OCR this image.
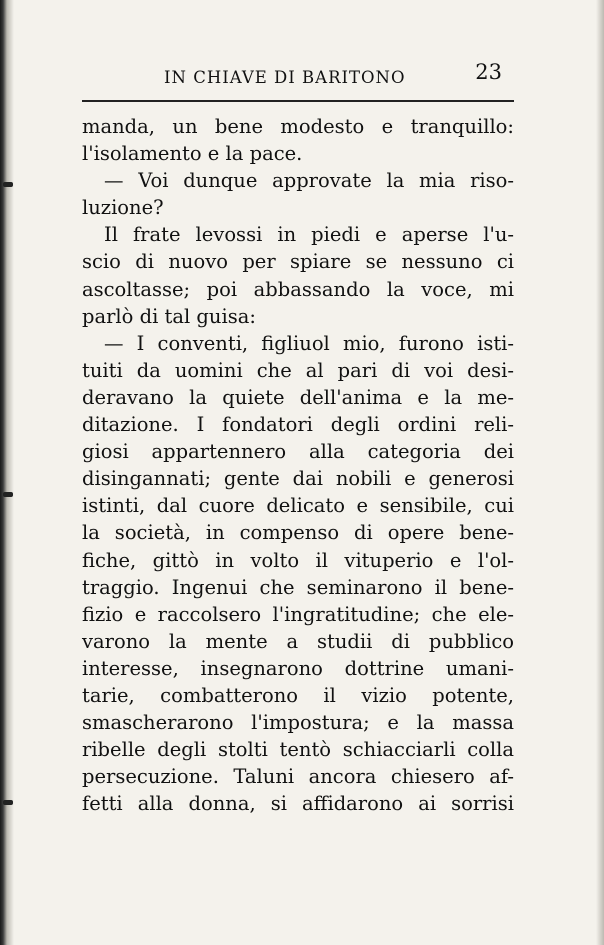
IN CHIAVE DI BARITONO	23
manda, un bene modesto e tranquillo:
l'isolamento e la pace.
— Voi dunque approvate la mia riso-
luzione?
Il frate levossi in piedi e aperse l'u-
scio di nuovo per spiare se nessuno ci
ascoltasse; poi abbassando la voce, mi
parlò di tal guisa:
— I conventi, figliuol mio, furono isti-
tuiti da uomini che al pari di voi desi-
deravano la quiete dell'anima e la me-
ditazione. I fondatori degli ordini reli-
giosi appartennero alla categoria dei
disingannati; gente dai nobili e generosi
istinti, dal cuore delicato e sensibile, cui
la società, in compenso di opere bene-
fiche, gittò in volto il vituperio e l'ol-
traggio. Ingenui che seminarono il bene-
fizio e raccolsero l'ingratitudine; che ele-
varono la mente a studii di pubblico
interesse, insegnarono dottrine umani-
tarie, combatterono il vizio potente,
smascherarono l'impostura; e la massa
ribelle degli stolti tentò schiacciarli colla
persecuzione. Taluni ancora chiesero af-
fetti alla donna, si affidarono ai sorrisi
